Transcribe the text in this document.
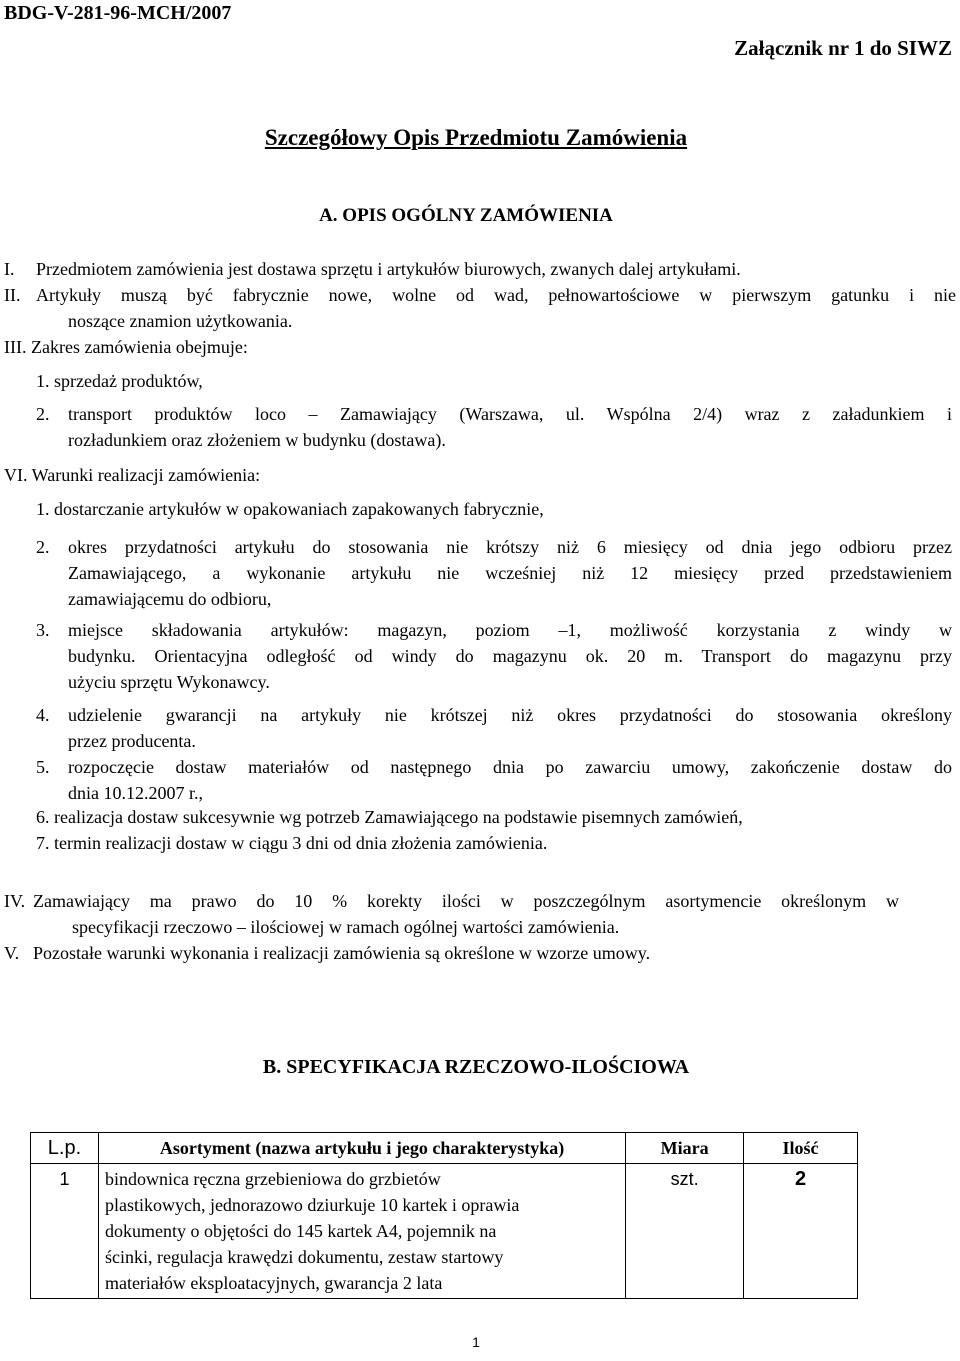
BDG-V-281-96-MCH/2007
Załącznik nr 1 do SIWZ
Szczegółowy Opis Przedmiotu Zamówienia
A. OPIS OGÓLNY ZAMÓWIENIA
I. Przedmiotem zamówienia jest dostawa sprzętu i artykułów biurowych, zwanych dalej artykułami.
II. Artykuły muszą być fabrycznie nowe, wolne od wad, pełnowartościowe w pierwszym gatunku i nie
noszące znamion użytkowania.
III. Zakres zamówienia obejmuje:
1. sprzedaż produktów,
2. transport produktów loco – Zamawiający (Warszawa, ul. Wspólna 2/4) wraz z załadunkiem i
rozładunkiem oraz złożeniem w budynku (dostawa).
VI. Warunki realizacji zamówienia:
1. dostarczanie artykułów w opakowaniach zapakowanych fabrycznie,
2. okres przydatności artykułu do stosowania nie krótszy niż 6 miesięcy od dnia jego odbioru przez
Zamawiającego, a wykonanie artykułu nie wcześniej niż 12 miesięcy przed przedstawieniem
zamawiającemu do odbioru,
3. miejsce składowania artykułów: magazyn, poziom –1, możliwość korzystania z windy w
budynku. Orientacyjna odległość od windy do magazynu ok. 20 m. Transport do magazynu przy
użyciu sprzętu Wykonawcy.
4. udzielenie gwarancji na artykuły nie krótszej niż okres przydatności do stosowania określony
przez producenta.
5. rozpoczęcie dostaw materiałów od następnego dnia po zawarciu umowy, zakończenie dostaw do
dnia 10.12.2007 r.,
6. realizacja dostaw sukcesywnie wg potrzeb Zamawiającego na podstawie pisemnych zamówień,
7. termin realizacji dostaw w ciągu 3 dni od dnia złożenia zamówienia.
IV. Zamawiający ma prawo do 10 % korekty ilości w poszczególnym asortymencie określonym w
specyfikacji rzeczowo – ilościowej w ramach ogólnej wartości zamówienia.
V. Pozostałe warunki wykonania i realizacji zamówienia są określone w wzorze umowy.
B. SPECYFIKACJA RZECZOWO-ILOŚCIOWA
L.p.	Asortyment (nazwa artykułu i jego charakterystyka)	Miara	Ilość
1	bindownica ręczna grzebieniowa do grzbietów
plastikowych, jednorazowo dziurkuje 10 kartek i oprawia
dokumenty o objętości do 145 kartek A4, pojemnik na
ścinki, regulacja krawędzi dokumentu, zestaw startowy
materiałów eksploatacyjnych, gwarancja 2 lata	szt.	2
1
